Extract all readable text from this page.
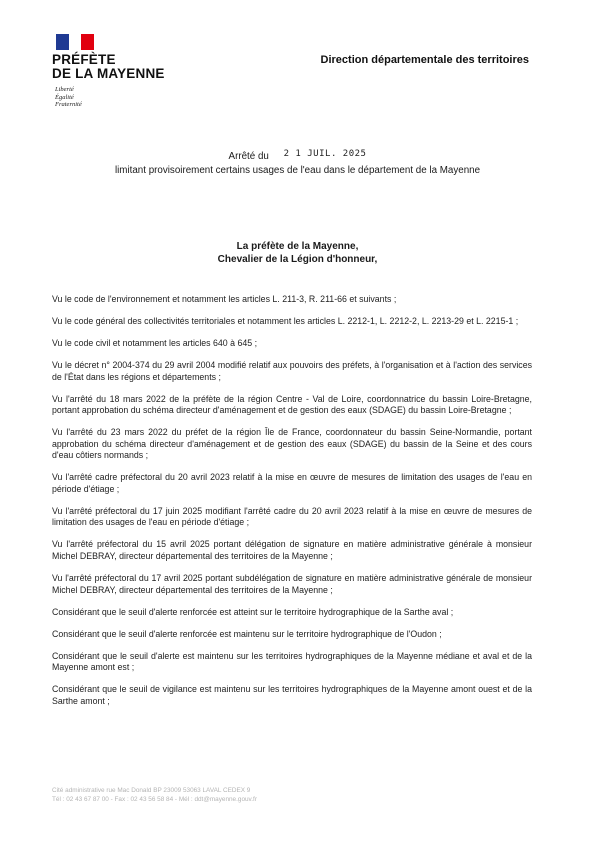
PRÉFÈTE
DE LA MAYENNE
Liberté
Égalité
Fraternité
Direction départementale des territoires
Arrêté du 2 1 JUIL. 2025
limitant provisoirement certains usages de l'eau dans le département de la Mayenne
La préfète de la Mayenne,
Chevalier de la Légion d'honneur,

Vu le code de l'environnement et notamment les articles L. 211-3, R. 211-66 et suivants ;

Vu le code général des collectivités territoriales et notamment les articles L. 2212-1, L. 2212-2, L. 2213-29 et L. 2215-1 ;

Vu le code civil et notamment les articles 640 à 645 ;

Vu le décret n° 2004-374 du 29 avril 2004 modifié relatif aux pouvoirs des préfets, à l'organisation et à l'action des services de l'État dans les régions et départements ;

Vu l'arrêté du 18 mars 2022 de la préfète de la région Centre - Val de Loire, coordonnatrice du bassin Loire-Bretagne, portant approbation du schéma directeur d'aménagement et de gestion des eaux (SDAGE) du bassin Loire-Bretagne ;

Vu l'arrêté du 23 mars 2022 du préfet de la région Île de France, coordonnateur du bassin Seine-Normandie, portant approbation du schéma directeur d'aménagement et de gestion des eaux (SDAGE) du bassin de la Seine et des cours d'eau côtiers normands ;

Vu l'arrêté cadre préfectoral du 20 avril 2023 relatif à la mise en œuvre de mesures de limitation des usages de l'eau en période d'étiage ;

Vu l'arrêté préfectoral du 17 juin 2025 modifiant l'arrêté cadre du 20 avril 2023 relatif à la mise en œuvre de mesures de limitation des usages de l'eau en période d'étiage ;

Vu l'arrêté préfectoral du 15 avril 2025 portant délégation de signature en matière administrative générale à monsieur Michel DEBRAY, directeur départemental des territoires de la Mayenne ;

Vu l'arrêté préfectoral du 17 avril 2025 portant subdélégation de signature en matière administrative générale de monsieur Michel DEBRAY, directeur départemental des territoires de la Mayenne ;

Considérant que le seuil d'alerte renforcée est atteint sur le territoire hydrographique de la Sarthe aval ;

Considérant que le seuil d'alerte renforcée est maintenu sur le territoire hydrographique de l'Oudon ;

Considérant que le seuil d'alerte est maintenu sur les territoires hydrographiques de la Mayenne médiane et aval et de la Mayenne amont est ;

Considérant que le seuil de vigilance est maintenu sur les territoires hydrographiques de la Mayenne amont ouest et de la Sarthe amont ;

Cité administrative rue Mac Donald BP 23009 53063 LAVAL CEDEX 9
Tél : 02 43 67 87 00 - Fax : 02 43 56 58 84 - Mél : ddt@mayenne.gouv.fr
